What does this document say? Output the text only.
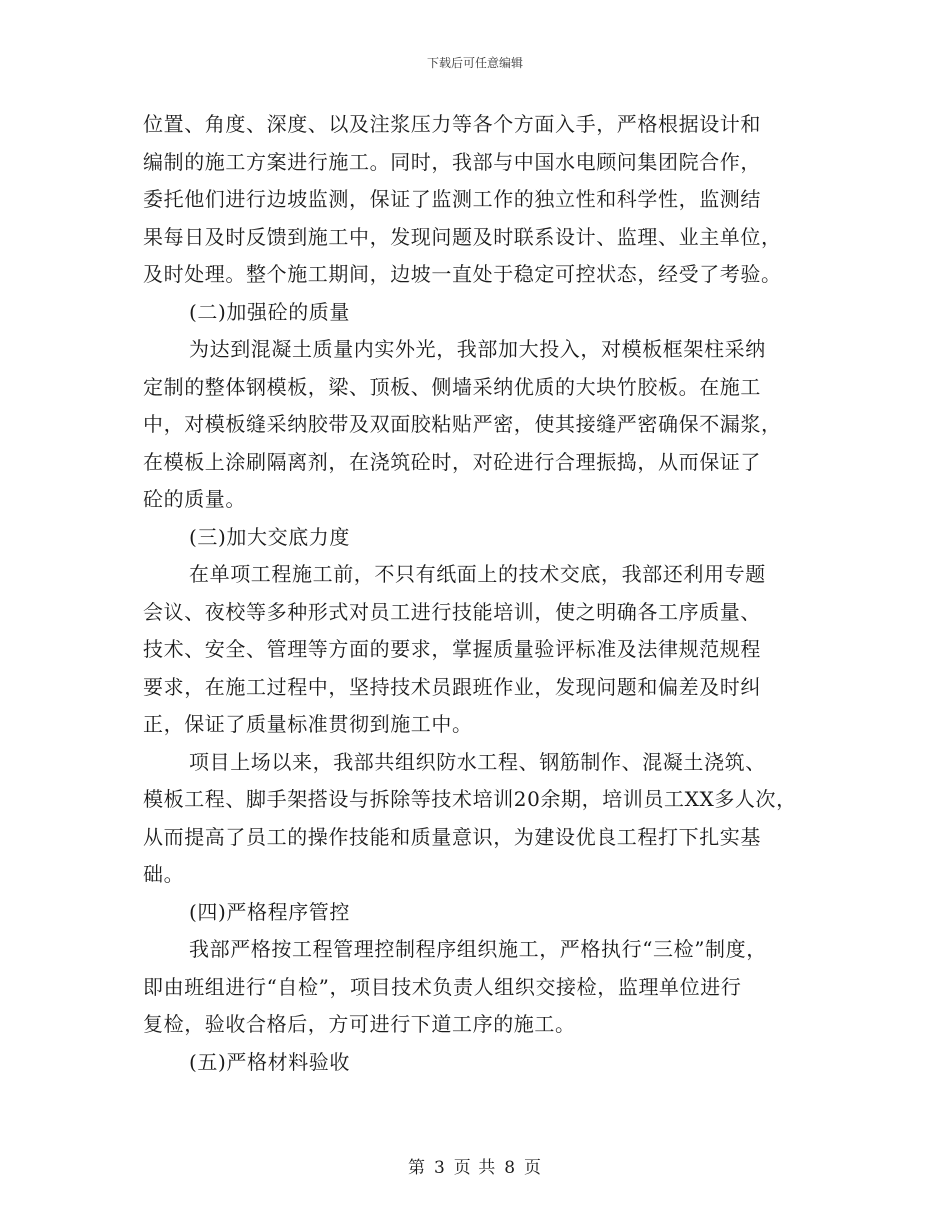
下载后可任意编辑
位置、角度、深度、以及注浆压力等各个方面入手，严格根据设计和
编制的施工方案进行施工。同时，我部与中国水电顾问集团院合作，
委托他们进行边坡监测，保证了监测工作的独立性和科学性，监测结
果每日及时反馈到施工中，发现问题及时联系设计、监理、业主单位，
及时处理。整个施工期间，边坡一直处于稳定可控状态，经受了考验。
(二)加强砼的质量
为达到混凝土质量内实外光，我部加大投入，对模板框架柱采纳
定制的整体钢模板，梁、顶板、侧墙采纳优质的大块竹胶板。在施工
中，对模板缝采纳胶带及双面胶粘贴严密，使其接缝严密确保不漏浆，
在模板上涂刷隔离剂，在浇筑砼时，对砼进行合理振捣，从而保证了
砼的质量。
(三)加大交底力度
在单项工程施工前，不只有纸面上的技术交底，我部还利用专题
会议、夜校等多种形式对员工进行技能培训，使之明确各工序质量、
技术、安全、管理等方面的要求，掌握质量验评标准及法律规范规程
要求，在施工过程中，坚持技术员跟班作业，发现问题和偏差及时纠
正，保证了质量标准贯彻到施工中。
项目上场以来，我部共组织防水工程、钢筋制作、混凝土浇筑、
模板工程、脚手架搭设与拆除等技术培训20余期，培训员工XX多人次，
从而提高了员工的操作技能和质量意识，为建设优良工程打下扎实基
础。
(四)严格程序管控
我部严格按工程管理控制程序组织施工，严格执行“三检”制度，
即由班组进行“自检”，项目技术负责人组织交接检，监理单位进行
复检，验收合格后，方可进行下道工序的施工。
(五)严格材料验收
第 3 页 共 8 页
